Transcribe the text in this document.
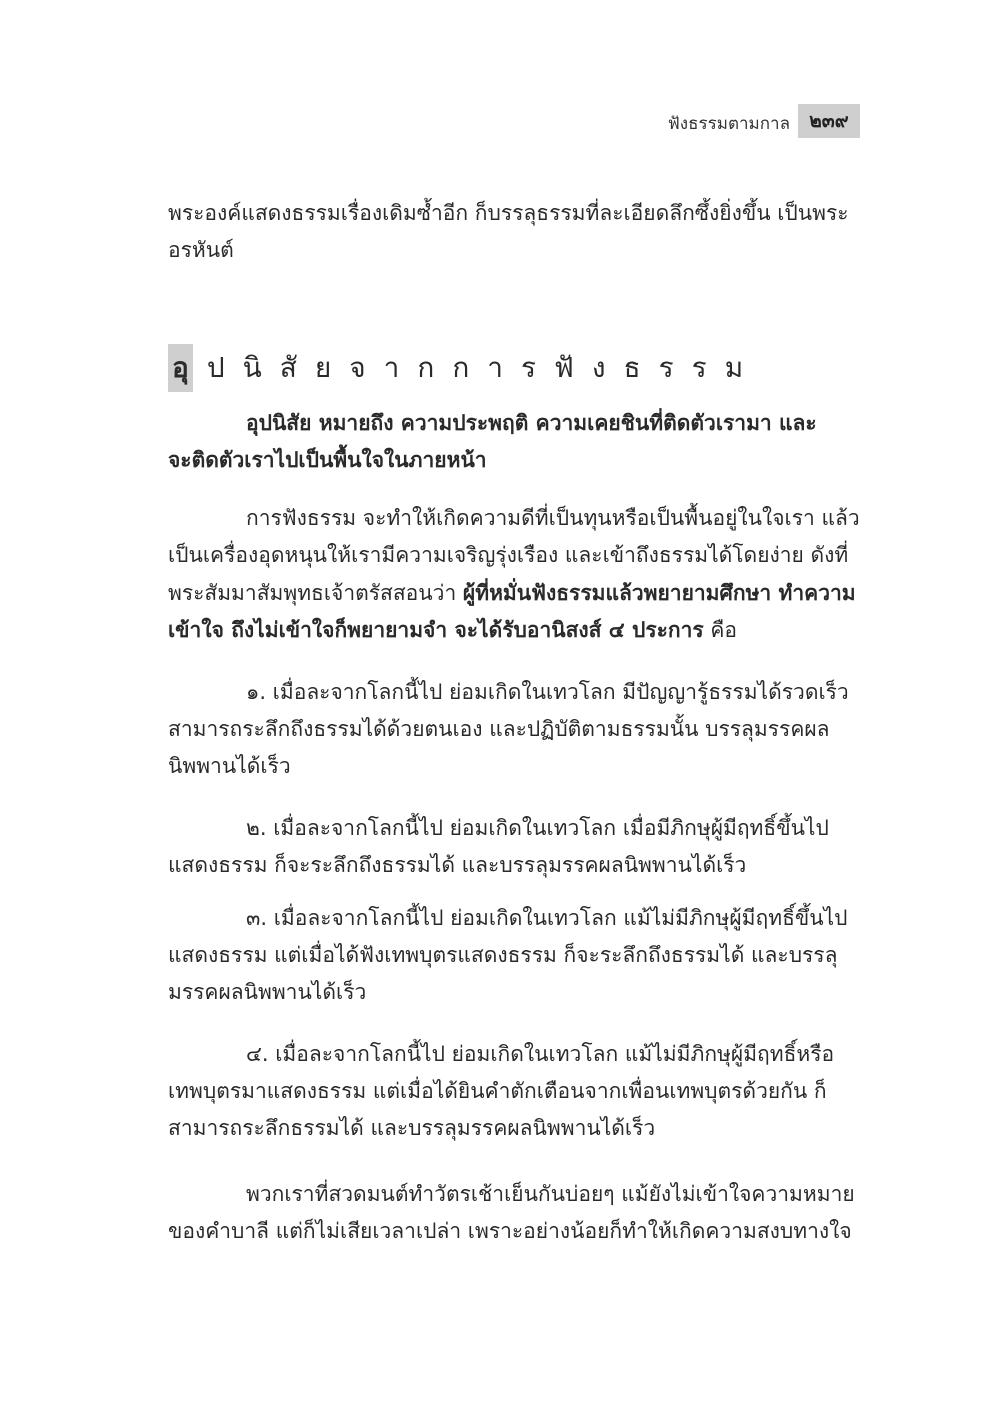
ฟังธรรมตามกาล	๒๓๙
พระองค์แสดงธรรมเรื่องเดิมซ้ำอีก ก็บรรลุธรรมที่ละเอียดลึกซึ้งยิ่งขึ้น เป็นพระ
อรหันต์
อุ ปนิสัยจากการฟังธรรม
อุปนิสัย หมายถึง ความประพฤติ ความเคยชินที่ติดตัวเรามา และ
จะติดตัวเราไปเป็นพื้นใจในภายหน้า
การฟังธรรม จะทำให้เกิดความดีที่เป็นทุนหรือเป็นพื้นอยู่ในใจเรา แล้ว
เป็นเครื่องอุดหนุนให้เรามีความเจริญรุ่งเรือง และเข้าถึงธรรมได้โดยง่าย ดังที่
พระสัมมาสัมพุทธเจ้าตรัสสอนว่า ผู้ที่หมั่นฟังธรรมแล้วพยายามศึกษา ทำความ
เข้าใจ ถึงไม่เข้าใจก็พยายามจำ จะได้รับอานิสงส์ ๔ ประการ คือ
๑. เมื่อละจากโลกนี้ไป ย่อมเกิดในเทวโลก มีปัญญารู้ธรรมได้รวดเร็ว
สามารถระลึกถึงธรรมได้ด้วยตนเอง และปฏิบัติตามธรรมนั้น บรรลุมรรคผล
นิพพานได้เร็ว
๒. เมื่อละจากโลกนี้ไป ย่อมเกิดในเทวโลก เมื่อมีภิกษุผู้มีฤทธิ์ขึ้นไป
แสดงธรรม ก็จะระลึกถึงธรรมได้ และบรรลุมรรคผลนิพพานได้เร็ว
๓. เมื่อละจากโลกนี้ไป ย่อมเกิดในเทวโลก แม้ไม่มีภิกษุผู้มีฤทธิ์ขึ้นไป
แสดงธรรม แต่เมื่อได้ฟังเทพบุตรแสดงธรรม ก็จะระลึกถึงธรรมได้ และบรรลุ
มรรคผลนิพพานได้เร็ว
๔. เมื่อละจากโลกนี้ไป ย่อมเกิดในเทวโลก แม้ไม่มีภิกษุผู้มีฤทธิ์หรือ
เทพบุตรมาแสดงธรรม แต่เมื่อได้ยินคำตักเตือนจากเพื่อนเทพบุตรด้วยกัน ก็
สามารถระลึกธรรมได้ และบรรลุมรรคผลนิพพานได้เร็ว
พวกเราที่สวดมนต์ทำวัตรเช้าเย็นกันบ่อยๆ แม้ยังไม่เข้าใจความหมาย
ของคำบาลี แต่ก็ไม่เสียเวลาเปล่า เพราะอย่างน้อยก็ทำให้เกิดความสงบทางใจ
